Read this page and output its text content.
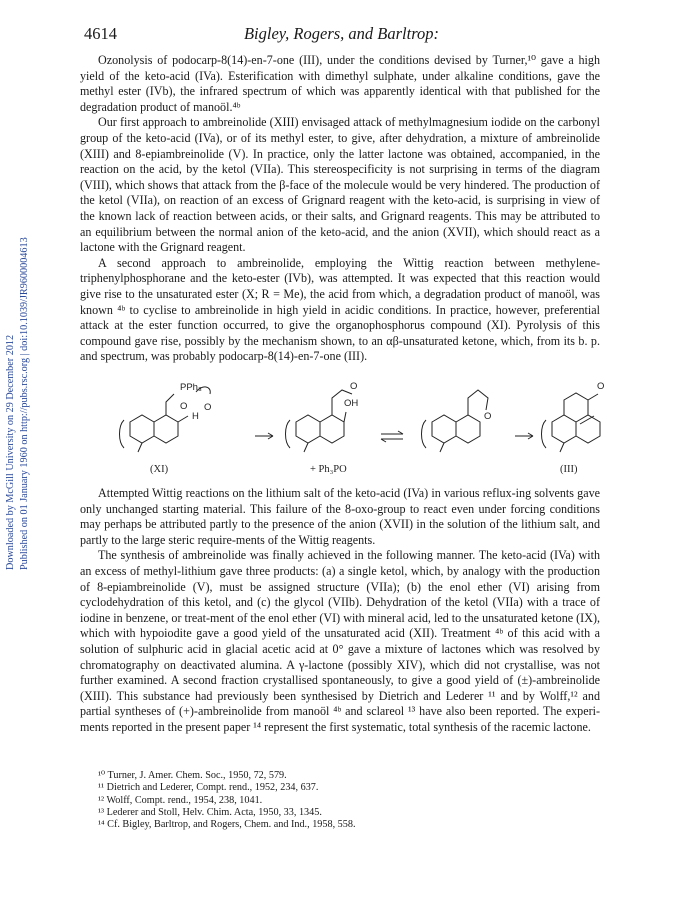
4614	Bigley, Rogers, and Barltrop:
Downloaded by McGill University on 29 December 2012 Published on 01 January 1960 on http://pubs.rsc.org | doi:10.1039/JR9600004613

Ozonolysis of podocarp-8(14)-en-7-one (III), under the conditions devised by Turner,¹⁰ gave a high yield of the keto-acid (IVa). Esterification with dimethyl sulphate, under alkaline conditions, gave the methyl ester (IVb), the infrared spectrum of which was apparently identical with that published for the degradation product of manoöl.⁴ᵇ

Our first approach to ambreinolide (XIII) envisaged attack of methylmagnesium iodide on the carbonyl group of the keto-acid (IVa), or of its methyl ester, to give, after dehydration, a mixture of ambreinolide (XIII) and 8-epiambreinolide (V). In practice, only the latter lactone was obtained, accompanied, in the reaction on the acid, by the ketol (VIIa). This stereospecificity is not surprising in terms of the diagram (VIII), which shows that attack from the β-face of the molecule would be very hindered. The production of the ketol (VIIa), on reaction of an excess of Grignard reagent with the keto-acid, is surprising in view of the known lack of reaction between acids, or their salts, and Grignard reagents. This may be attributed to an equilibrium between the normal anion of the keto-acid, and the anion (XVII), which should react as a lactone with the Grignard reagent.

A second approach to ambreinolide, employing the Wittig reaction between methylene-triphenylphosphorane and the keto-ester (IVb), was attempted. It was expected that this reaction would give rise to the unsaturated ester (X; R = Me), the acid from which, a degradation product of manoöl, was known ⁴ᵇ to cyclise to ambreinolide in high yield in acidic conditions. In practice, however, preferential attack at the ester function occurred, to give the organophosphorus compound (XI). Pyrolysis of this compound gave rise, possibly by the mechanism shown, to an αβ-unsaturated ketone, which, from its b. p. and spectrum, was probably podocarp-8(14)-en-7-one (III).

PPh₃
O
H
O	OH
O
O
O
(XI)	+ Ph₃PO	(III)

Attempted Wittig reactions on the lithium salt of the keto-acid (IVa) in various reflux-ing solvents gave only unchanged starting material. This failure of the 8-oxo-group to react even under forcing conditions may perhaps be attributed partly to the presence of the anion (XVII) in the solution of the lithium salt, and partly to the large steric require-ments of the Wittig reagents.

The synthesis of ambreinolide was finally achieved in the following manner. The keto-acid (IVa) with an excess of methyl-lithium gave three products: (a) a single ketol, which, by analogy with the production of 8-epiambreinolide (V), must be assigned structure (VIIa); (b) the enol ether (VI) arising from cyclodehydration of this ketol, and (c) the glycol (VIIb). Dehydration of the ketol (VIIa) with a trace of iodine in benzene, or treat-ment of the enol ether (VI) with mineral acid, led to the unsaturated ketone (IX), which with hypoiodite gave a good yield of the unsaturated acid (XII). Treatment ⁴ᵇ of this acid with a solution of sulphuric acid in glacial acetic acid at 0° gave a mixture of lactones which was resolved by chromatography on deactivated alumina. A γ-lactone (possibly XIV), which did not crystallise, was not further examined. A second fraction crystallised spontaneously, to give a good yield of (±)-ambreinolide (XIII). This substance had previously been synthesised by Dietrich and Lederer ¹¹ and by Wolff,¹² and partial syntheses of (+)-ambreinolide from manoöl ⁴ᵇ and sclareol ¹³ have also been reported. The experi-ments reported in the present paper ¹⁴ represent the first systematic, total synthesis of the racemic lactone.

¹⁰ Turner, J. Amer. Chem. Soc., 1950, 72, 579.
¹¹ Dietrich and Lederer, Compt. rend., 1952, 234, 637.
¹² Wolff, Compt. rend., 1954, 238, 1041.
¹³ Lederer and Stoll, Helv. Chim. Acta, 1950, 33, 1345.
¹⁴ Cf. Bigley, Barltrop, and Rogers, Chem. and Ind., 1958, 558.
